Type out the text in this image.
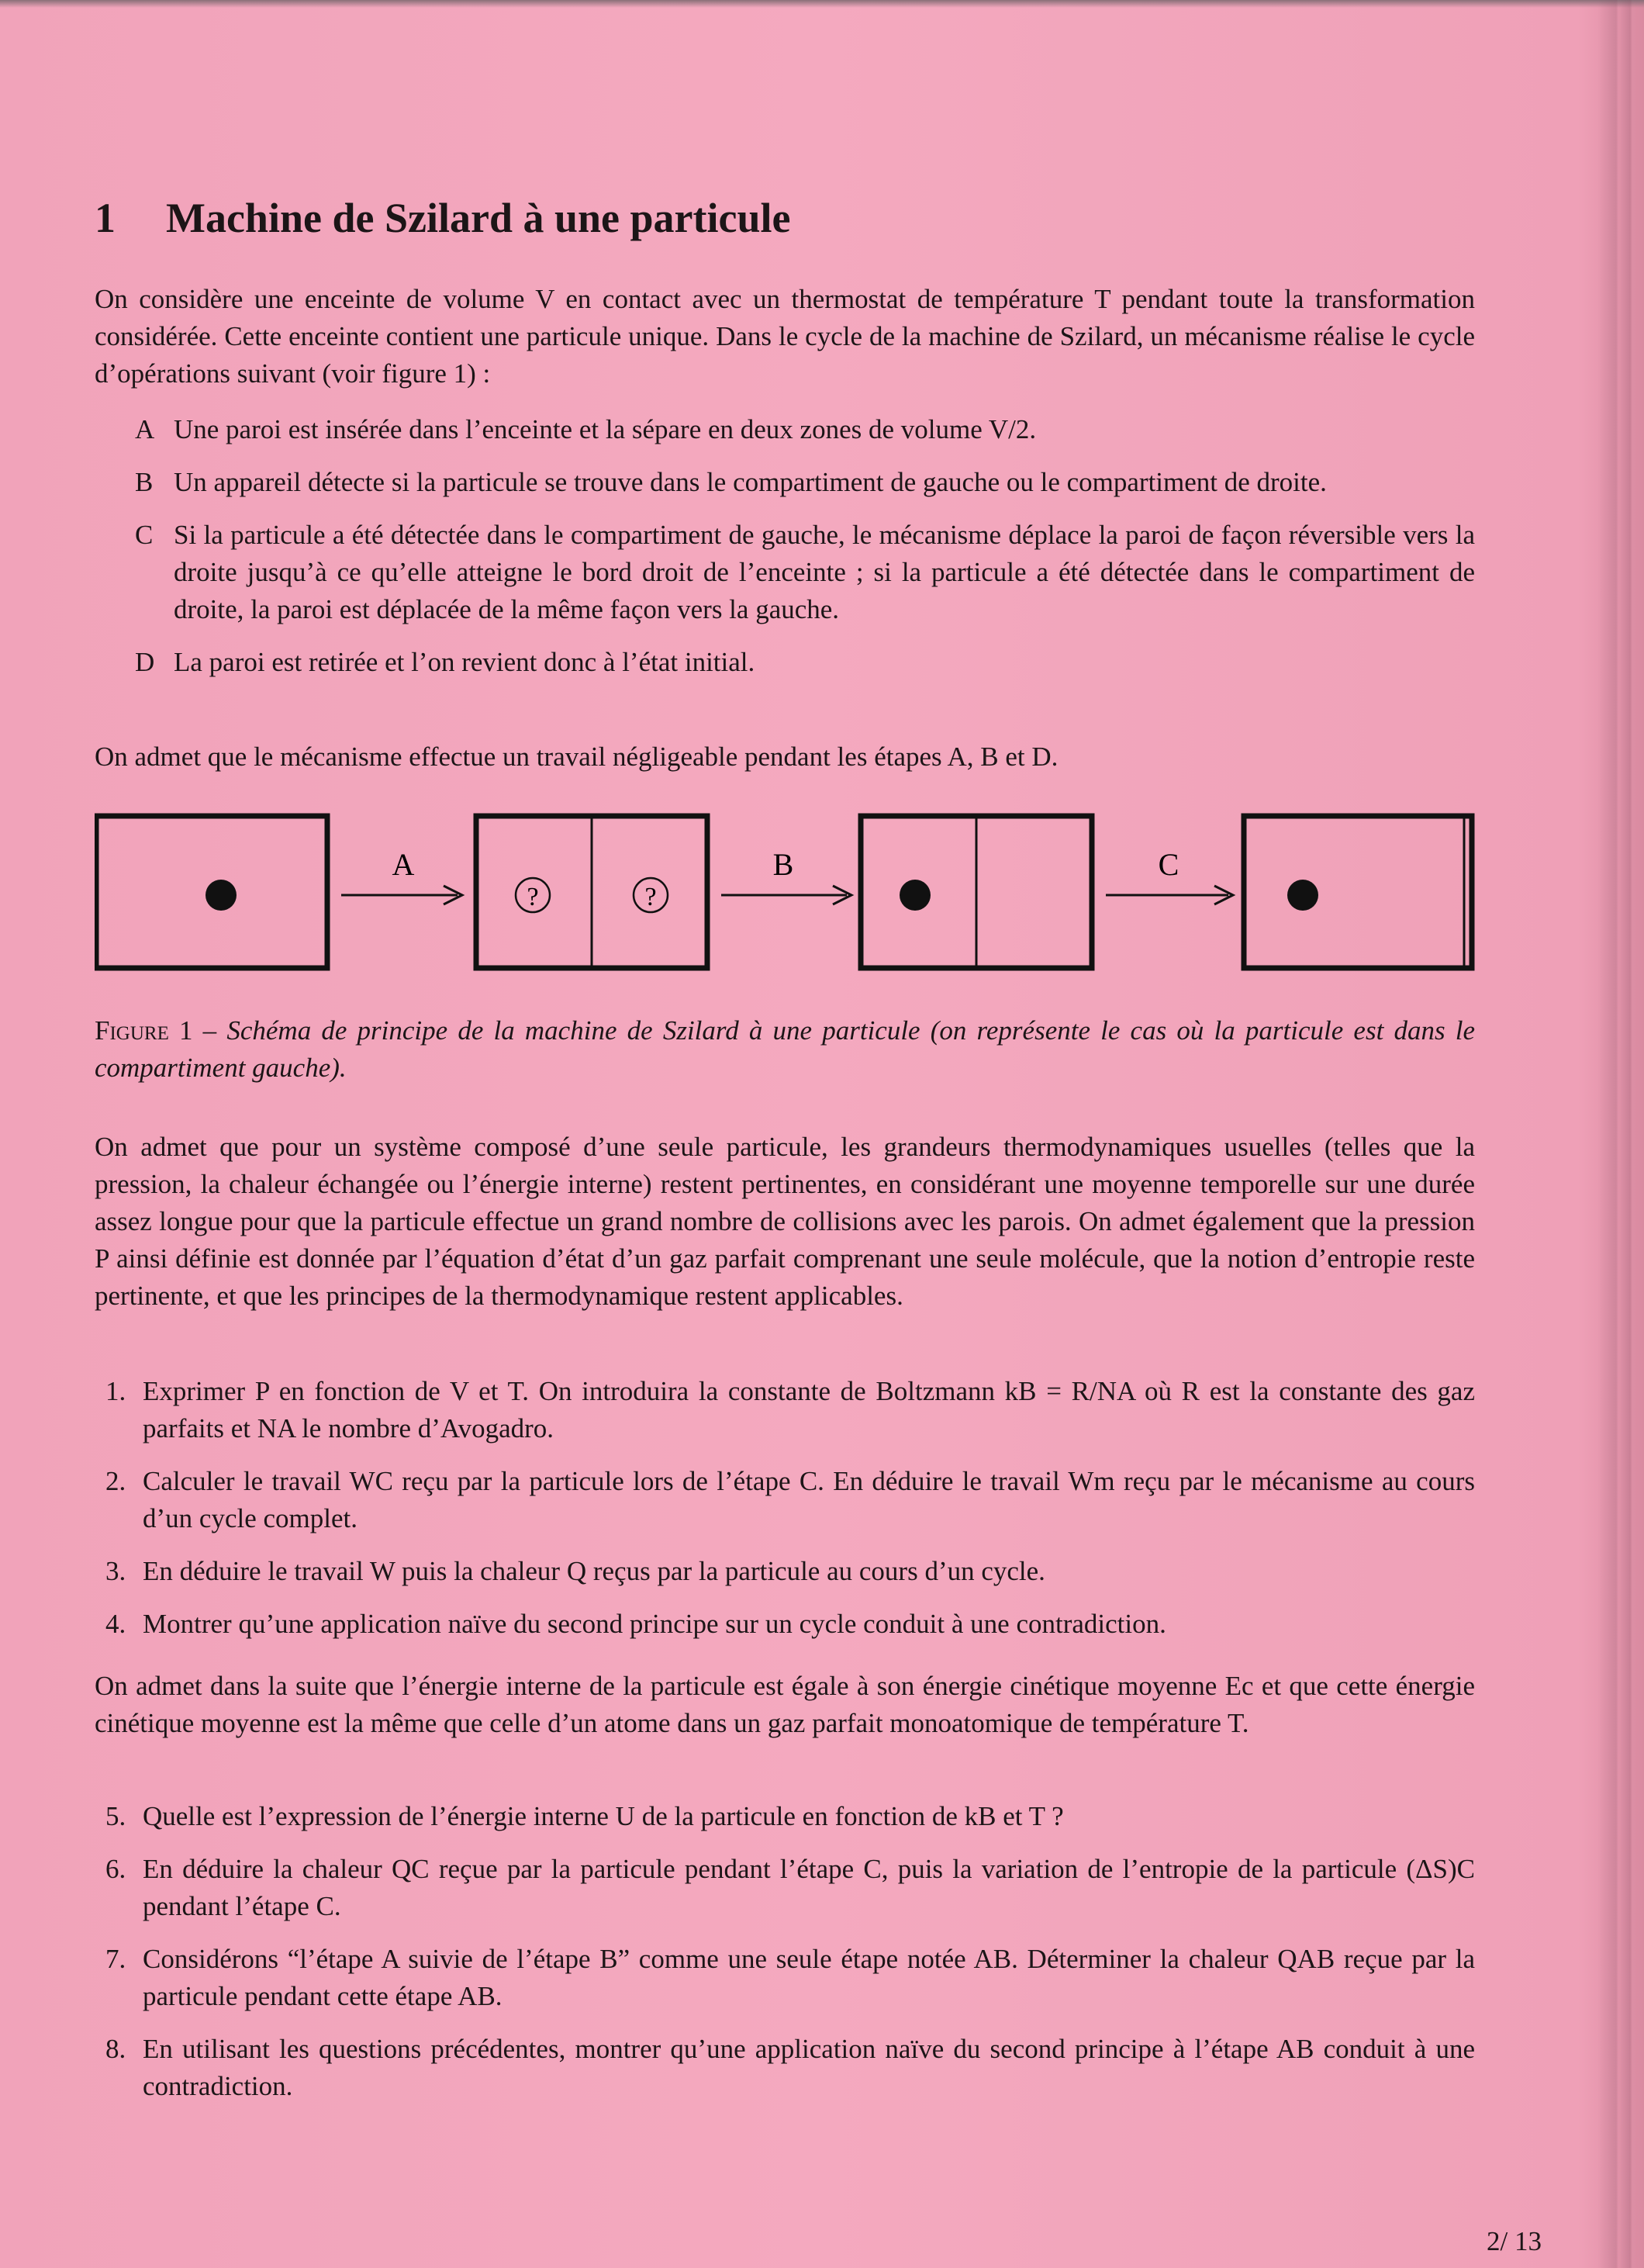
1 Machine de Szilard à une particule

On considère une enceinte de volume V en contact avec un thermostat de température T pendant toute la transformation considérée. Cette enceinte contient une particule unique. Dans le cycle de la machine de Szilard, un mécanisme réalise le cycle d’opérations suivant (voir figure 1) :

A Une paroi est insérée dans l’enceinte et la sépare en deux zones de volume V/2.
B Un appareil détecte si la particule se trouve dans le compartiment de gauche ou le compartiment de droite.
C Si la particule a été détectée dans le compartiment de gauche, le mécanisme déplace la paroi de façon réversible vers la droite jusqu’à ce qu’elle atteigne le bord droit de l’enceinte ; si la particule a été détectée dans le compartiment de droite, la paroi est déplacée de la même façon vers la gauche.
D La paroi est retirée et l’on revient donc à l’état initial.

On admet que le mécanisme effectue un travail négligeable pendant les étapes A, B et D.

A
?	?
B	C

Figure 1 – Schéma de principe de la machine de Szilard à une particule (on représente le cas où la particule est dans le compartiment gauche).

On admet que pour un système composé d’une seule particule, les grandeurs thermodynamiques usuelles (telles que la pression, la chaleur échangée ou l’énergie interne) restent pertinentes, en considérant une moyenne temporelle sur une durée assez longue pour que la particule effectue un grand nombre de collisions avec les parois. On admet également que la pression P ainsi définie est donnée par l’équation d’état d’un gaz parfait comprenant une seule molécule, que la notion d’entropie reste pertinente, et que les principes de la thermodynamique restent applicables.

1. Exprimer P en fonction de V et T. On introduira la constante de Boltzmann kB = R/NA où R est la constante des gaz parfaits et NA le nombre d’Avogadro.
2. Calculer le travail WC reçu par la particule lors de l’étape C. En déduire le travail Wm reçu par le mécanisme au cours d’un cycle complet.
3. En déduire le travail W puis la chaleur Q reçus par la particule au cours d’un cycle.
4. Montrer qu’une application naïve du second principe sur un cycle conduit à une contradiction.

On admet dans la suite que l’énergie interne de la particule est égale à son énergie cinétique moyenne Ec et que cette énergie cinétique moyenne est la même que celle d’un atome dans un gaz parfait monoatomique de température T.

5. Quelle est l’expression de l’énergie interne U de la particule en fonction de kB et T ?
6. En déduire la chaleur QC reçue par la particule pendant l’étape C, puis la variation de l’entropie de la particule (ΔS)C pendant l’étape C.
7. Considérons “l’étape A suivie de l’étape B” comme une seule étape notée AB. Déterminer la chaleur QAB reçue par la particule pendant cette étape AB.
8. En utilisant les questions précédentes, montrer qu’une application naïve du second principe à l’étape AB conduit à une contradiction.
2/ 13
